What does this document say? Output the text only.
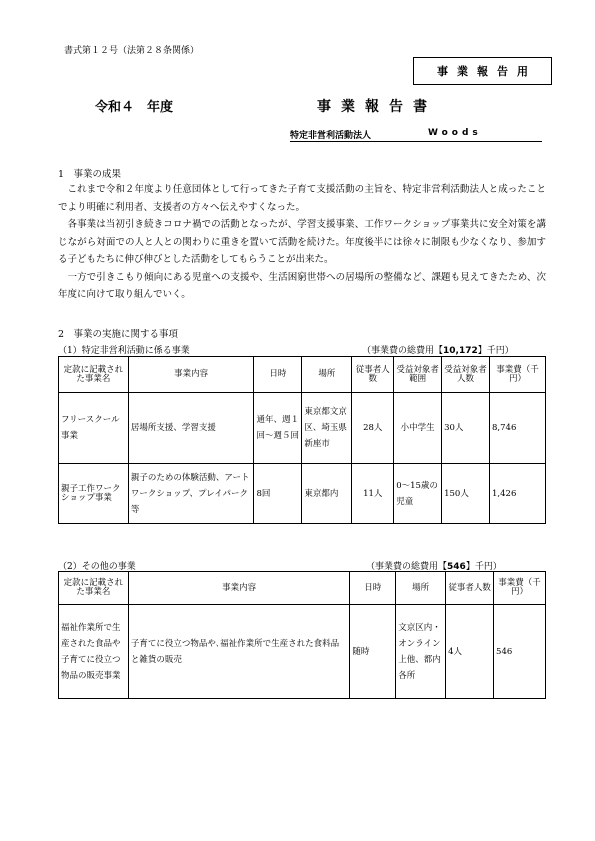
書式第１２号（法第２８条関係）
事業報告用
令和４　年度	事業報告書
特定非営利活動法人	Woods
1　事業の成果

これまで令和２年度より任意団体として行ってきた子育て支援活動の主旨を、特定非営利活動法人と成ったことでより明確に利用者、支援者の方々へ伝えやすくなった。

各事業は当初引き続きコロナ禍での活動となったが、学習支援事業、工作ワークショップ事業共に安全対策を講じながら対面での人と人との関わりに重きを置いて活動を続けた。年度後半には徐々に制限も少なくなり、参加する子どもたちに伸び伸びとした活動をしてもらうことが出来た。

一方で引きこもり傾向にある児童への支援や、生活困窮世帯への居場所の整備など、課題も見えてきたため、次年度に向けて取り組んでいく。

2　事業の実施に関する事項
（1）特定非営利活動に係る事業	（事業費の総費用【10,172】千円）
定款に記載された事業名	事業内容	日時	場所	従事者人数	受益対象者範囲	受益対象者人数	事業費（千円）
フリースクール事業	居場所支援、学習支援	通年、週１回～週５回	東京都文京区、埼玉県新座市	28人	小中学生	30人	8,746
親子工作ワークショップ事業	親子のための体験活動、アートワークショップ、プレイパーク等	8回	東京都内	11人	0〜15歳の児童	150人	1,426
（2）その他の事業	（事業費の総費用【546】千円）
定款に記載された事業名	事業内容	日時	場所	従事者人数	事業費（千円）
福祉作業所で生産された食品や子育てに役立つ物品の販売事業	子育てに役立つ物品や､福祉作業所で生産された食料品と雑貨の販売	随時	文京区内・オンライン上他、都内各所	4人	546
